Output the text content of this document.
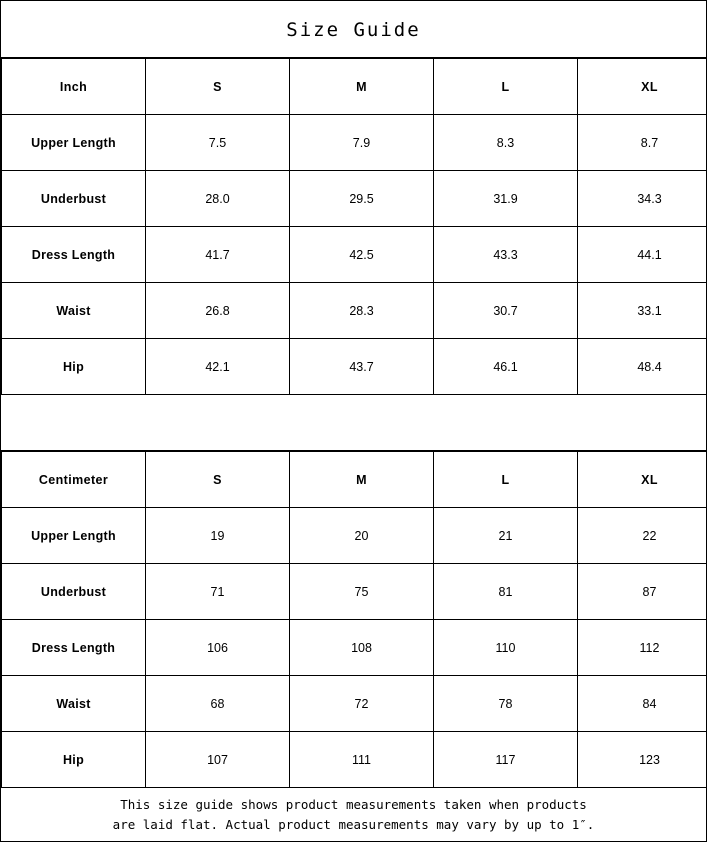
Size Guide
Inch	S	M	L	XL
Upper Length	7.5	7.9	8.3	8.7
Underbust	28.0	29.5	31.9	34.3
Dress Length	41.7	42.5	43.3	44.1
Waist	26.8	28.3	30.7	33.1
Hip	42.1	43.7	46.1	48.4
Centimeter	S	M	L	XL
Upper Length	19	20	21	22
Underbust	71	75	81	87
Dress Length	106	108	110	112
Waist	68	72	78	84
Hip	107	111	117	123
This size guide shows product measurements taken when products
are laid flat. Actual product measurements may vary by up to 1″.
